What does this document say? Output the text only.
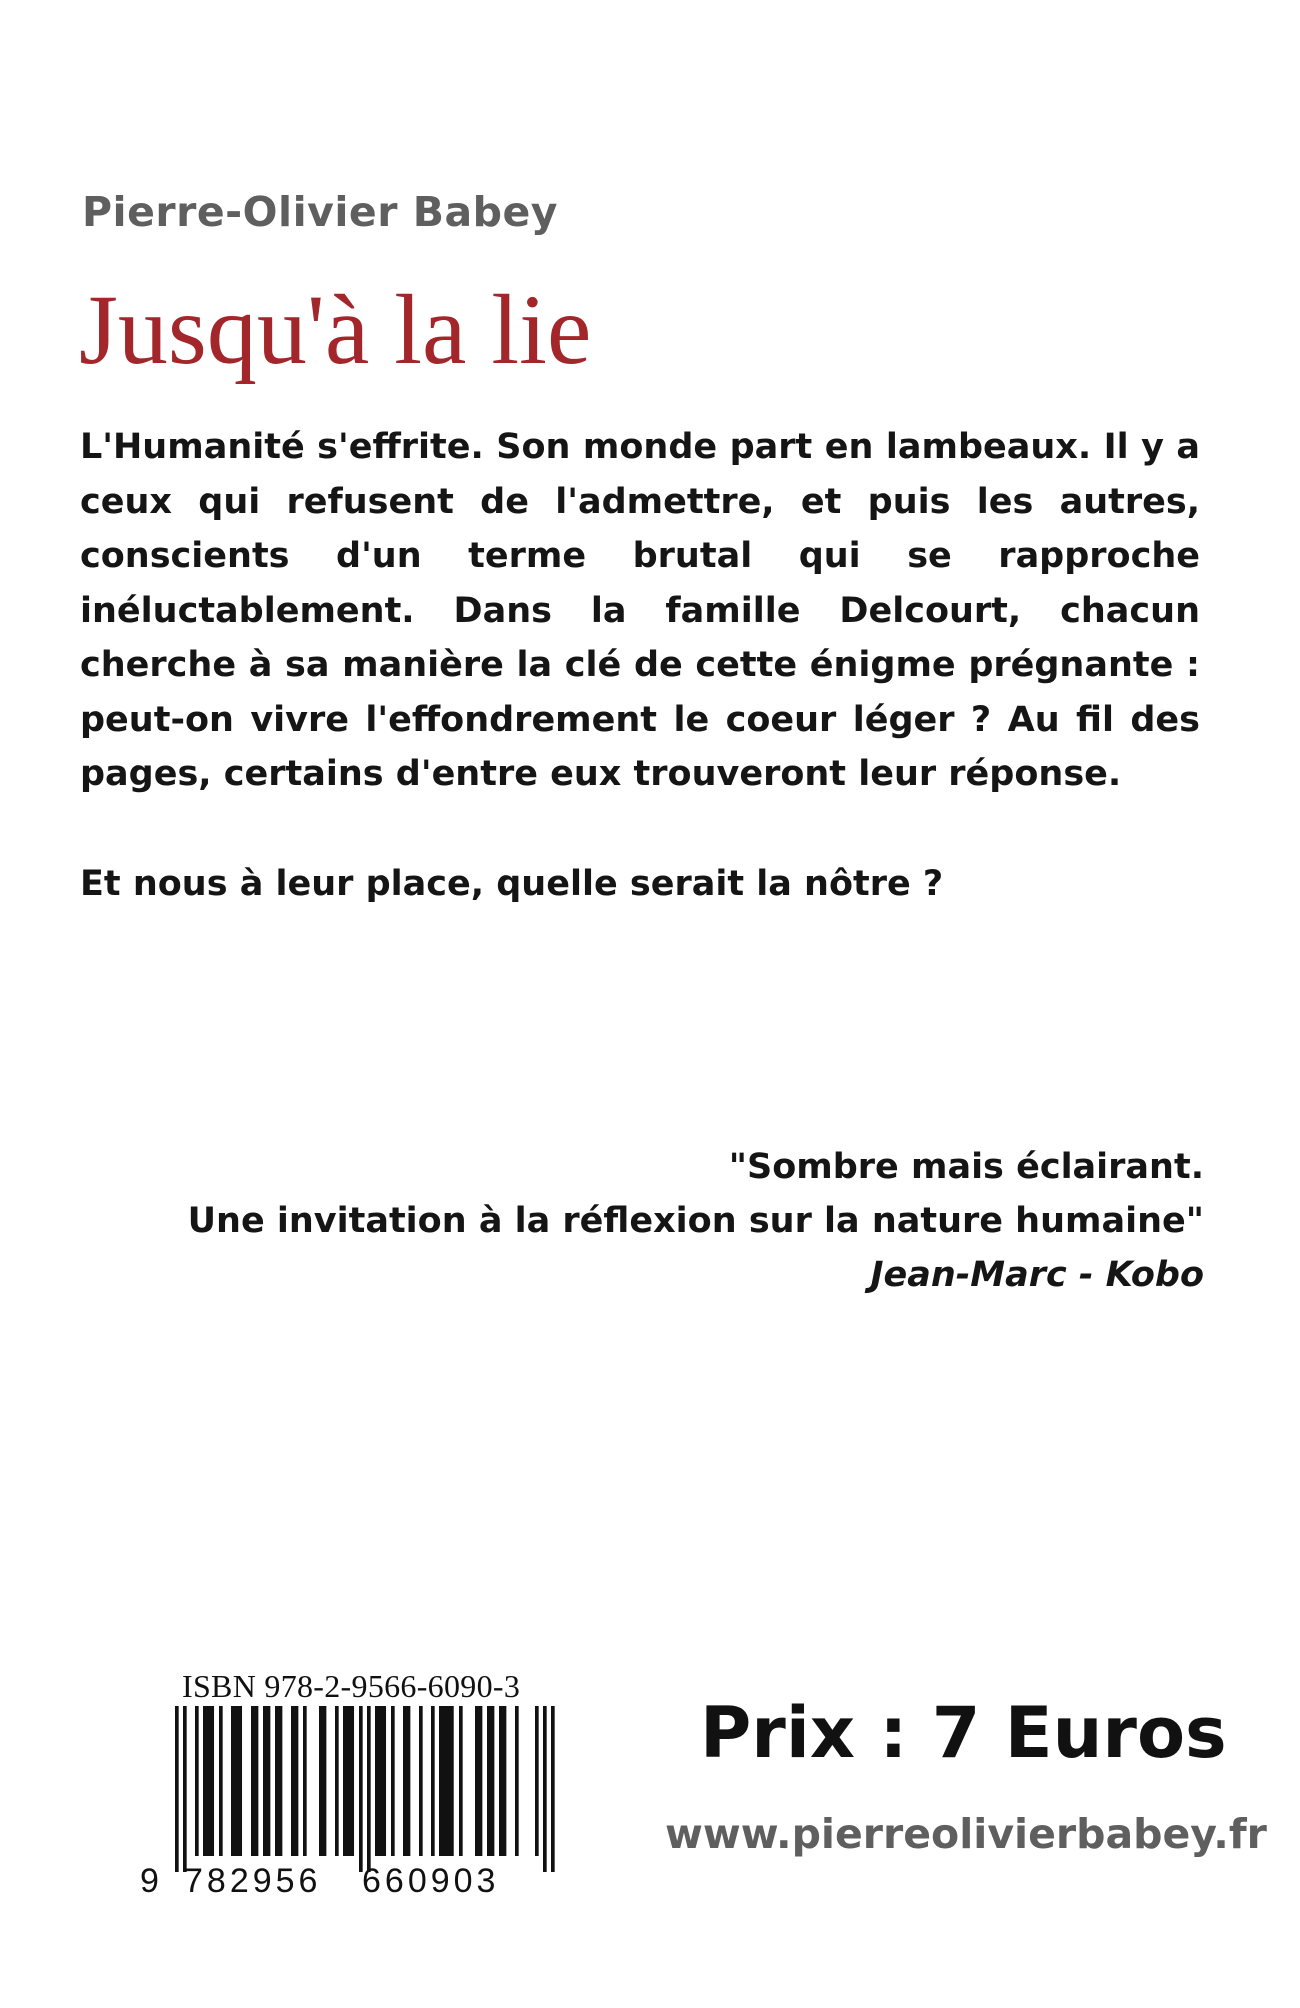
Pierre-Olivier Babey
Jusqu'à la lie

L'Humanité s'effrite. Son monde part en lambeaux. Il y a ceux qui refusent de l'admettre, et puis les autres, conscients d'un terme brutal qui se rapproche inéluctablement. Dans la famille Delcourt, chacun cherche à sa manière la clé de cette énigme prégnante : peut-on vivre l'effondrement le coeur léger ? Au fil des pages, certains d'entre eux trouveront leur réponse.

Et nous à leur place, quelle serait la nôtre ?

"Sombre mais éclairant.
Une invitation à la réflexion sur la nature humaine"
Jean-Marc - Kobo
ISBN 978-2-9566-6090-3
9 782956 660903
Prix : 7 Euros
www.pierreolivierbabey.fr
